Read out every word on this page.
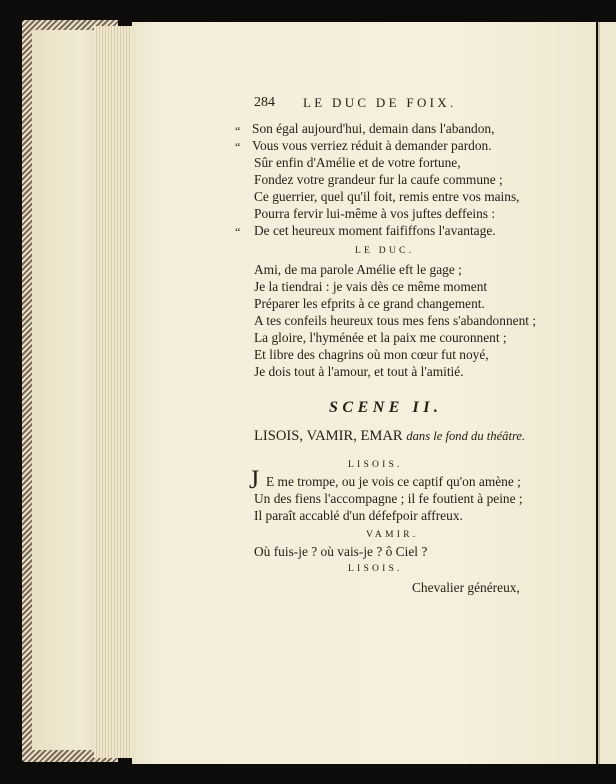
284 LE DUC DE FOIX.
“
“
“
Son égal aujourd'hui, demain dans l'abandon,
Vous vous verriez réduit à demander pardon.
Sûr enfin d'Amélie et de votre fortune,
Fondez votre grandeur fur la caufe commune ;
Ce guerrier, quel qu'il foit, remis entre vos mains,
Pourra fervir lui-même à vos juftes deffeins :
De cet heureux moment faififfons l'avantage.
LE DUC.
Ami, de ma parole Amélie eft le gage ;
Je la tiendrai : je vais dès ce même moment
Préparer les efprits à ce grand changement.
A tes confeils heureux tous mes fens s'abandonnent ;
La gloire, l'hyménée et la paix me couronnent ;
Et libre des chagrins où mon cœur fut noyé,
Je dois tout à l'amour, et tout à l'amitié.
SCENE II.
LISOIS, VAMIR, EMAR dans le fond du théâtre.
LISOIS.
J E me trompe, ou je vois ce captif qu'on amène ;
Un des fiens l'accompagne ; il fe foutient à peine ;
Il paraît accablé d'un défefpoir affreux.
VAMIR.
Où fuis-je ? où vais-je ? ô Ciel ?
LISOIS.
Chevalier généreux,
